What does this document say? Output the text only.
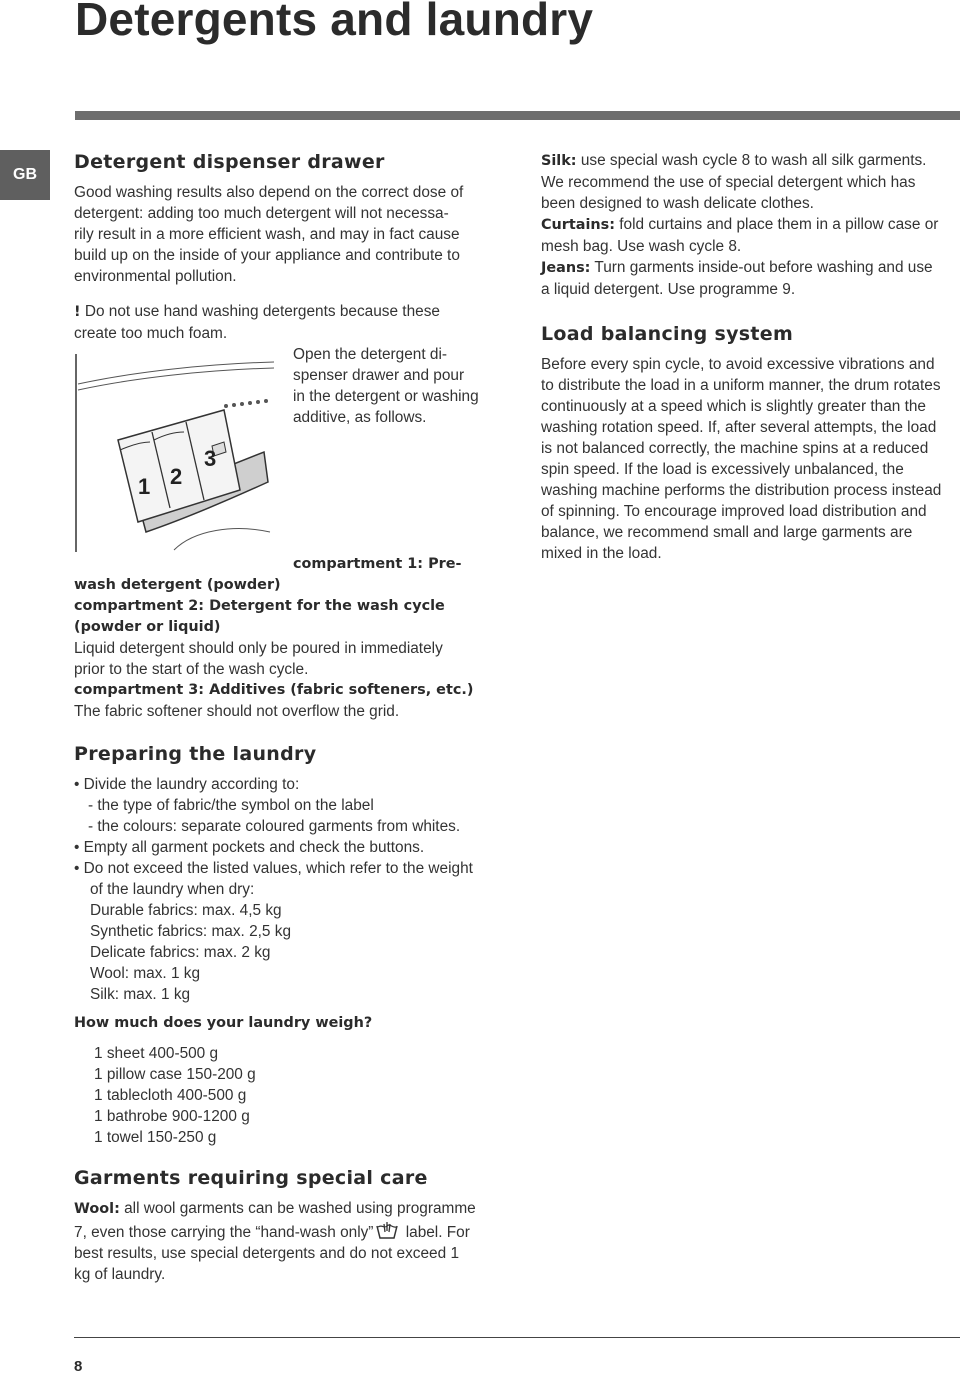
Detergents and laundry
GB
Detergent dispenser drawer

Good washing results also depend on the correct dose of

detergent: adding too much detergent will not necessa-

rily result in a more efficient wash, and may in fact cause

build up on the inside of your appliance and contribute to

environmental pollution.

! Do not use hand washing detergents because these

create too much foam.

1 2
3

Open the detergent di-

spenser drawer and pour

in the detergent or washing

additive, as follows.

compartment 1: Pre-

wash detergent (powder)

compartment 2: Detergent for the wash cycle

(powder or liquid)

Liquid detergent should only be poured in immediately

prior to the start of the wash cycle.

compartment 3: Additives (fabric softeners, etc.)

The fabric softener should not overflow the grid.

Preparing the laundry

• Divide the laundry according to:

- the type of fabric/the symbol on the label

- the colours: separate coloured garments from whites.

• Empty all garment pockets and check the buttons.

• Do not exceed the listed values, which refer to the weight

of the laundry when dry:

Durable fabrics: max. 4,5 kg

Synthetic fabrics: max. 2,5 kg

Delicate fabrics: max. 2 kg

Wool: max. 1 kg

Silk: max. 1 kg

How much does your laundry weigh?

1 sheet 400-500 g

1 pillow case 150-200 g

1 tablecloth 400-500 g

1 bathrobe 900-1200 g

1 towel 150-250 g

Garments requiring special care

Wool: all wool garments can be washed using programme

7, even those carrying the “hand-wash only” label. For

best results, use special detergents and do not exceed 1

kg of laundry.

Silk: use special wash cycle 8 to wash all silk garments.

We recommend the use of special detergent which has

been designed to wash delicate clothes.

Curtains: fold curtains and place them in a pillow case or

mesh bag. Use wash cycle 8.

Jeans: Turn garments inside-out before washing and use

a liquid detergent. Use programme 9.

Load balancing system

Before every spin cycle, to avoid excessive vibrations and

to distribute the load in a uniform manner, the drum rotates

continuously at a speed which is slightly greater than the

washing rotation speed. If, after several attempts, the load

is not balanced correctly, the machine spins at a reduced

spin speed. If the load is excessively unbalanced, the

washing machine performs the distribution process instead

of spinning. To encourage improved load distribution and

balance, we recommend small and large garments are

mixed in the load.

8
